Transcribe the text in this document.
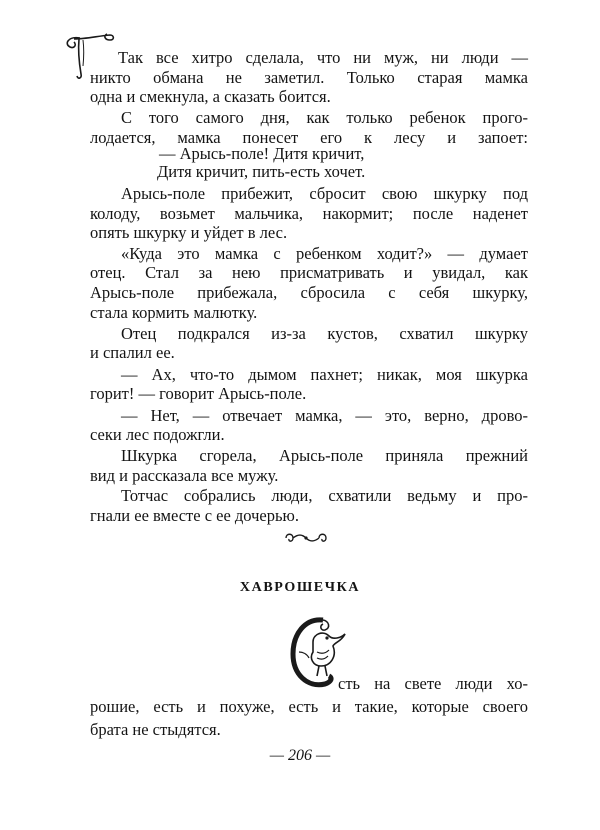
Так все хитро сделала, что ни муж, ни люди —
никто обмана не заметил. Только старая мамка
одна и смекнула, а сказать боится.
С того самого дня, как только ребенок прого-
лодается, мамка понесет его к лесу и запоет:
— Арысь-поле! Дитя кричит,
Дитя кричит, пить-есть хочет.
Арысь-поле прибежит, сбросит свою шкурку под
колоду, возьмет мальчика, накормит; после наденет
опять шкурку и уйдет в лес.
«Куда это мамка с ребенком ходит?» — думает
отец. Стал за нею присматривать и увидал, как
Арысь-поле прибежала, сбросила с себя шкурку,
стала кормить малютку.
Отец подкрался из-за кустов, схватил шкурку
и спалил ее.
— Ах, что-то дымом пахнет; никак, моя шкурка
горит! — говорит Арысь-поле.
— Нет, — отвечает мамка, — это, верно, дрово-
секи лес подожгли.
Шкурка сгорела, Арысь-поле приняла прежний
вид и рассказала все мужу.
Тотчас собрались люди, схватили ведьму и про-
гнали ее вместе с ее дочерью.
ХАВРОШЕЧКА
сть на свете люди хо-
рошие, есть и похуже, есть и такие, которые своего
брата не стыдятся.
— 206 —
